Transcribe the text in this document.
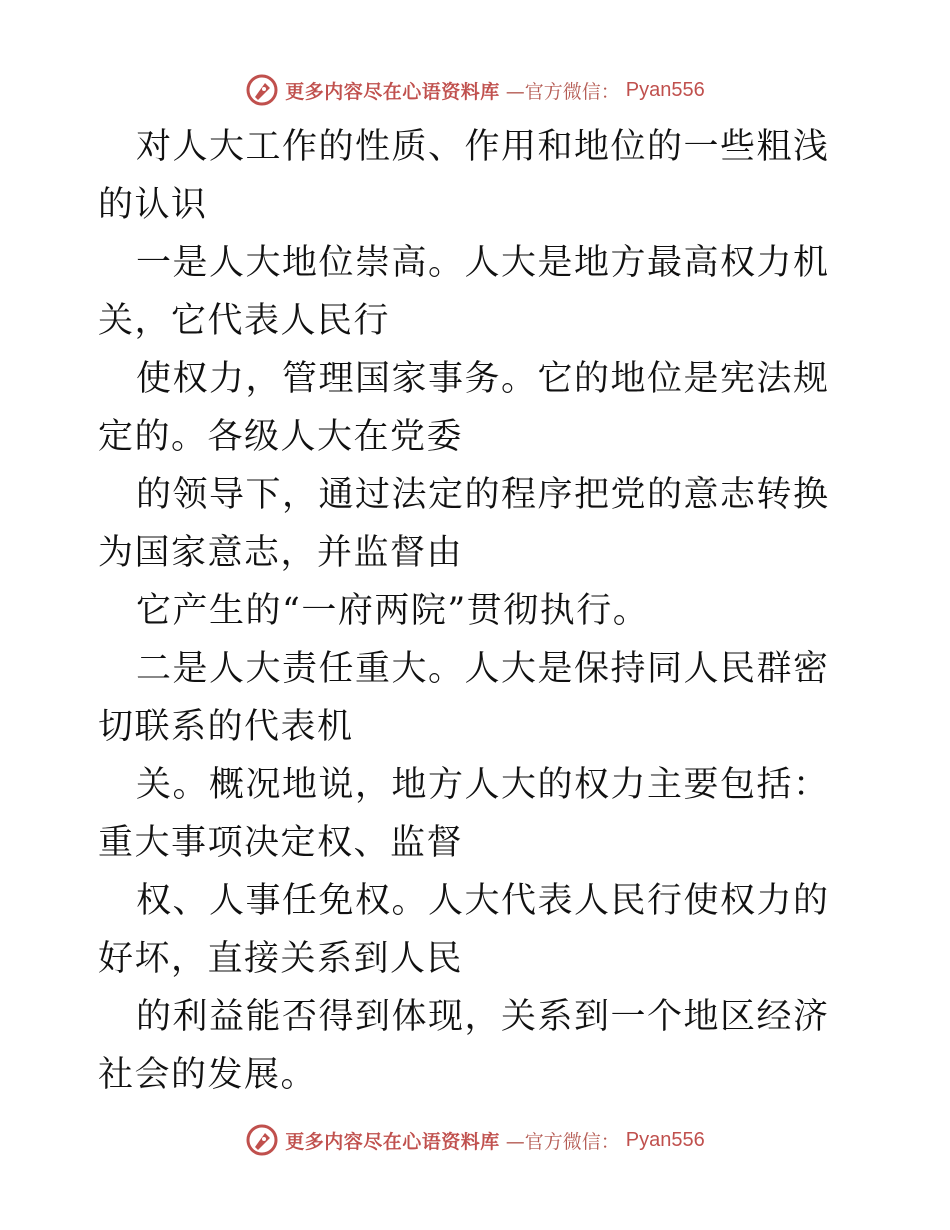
更多内容尽在心语资料库 —官方微信： Pyan556

对人大工作的性质、作用和地位的一些粗浅的认识

一是人大地位崇高。人大是地方最高权力机关，它代表人民行

使权力，管理国家事务。它的地位是宪法规定的。各级人大在党委

的领导下，通过法定的程序把党的意志转换为国家意志，并监督由

它产生的“一府两院”贯彻执行。

二是人大责任重大。人大是保持同人民群密切联系的代表机

关。概况地说，地方人大的权力主要包括：重大事项决定权、监督

权、人事任免权。人大代表人民行使权力的好坏，直接关系到人民

的利益能否得到体现，关系到一个地区经济社会的发展。

更多内容尽在心语资料库 —官方微信： Pyan556
